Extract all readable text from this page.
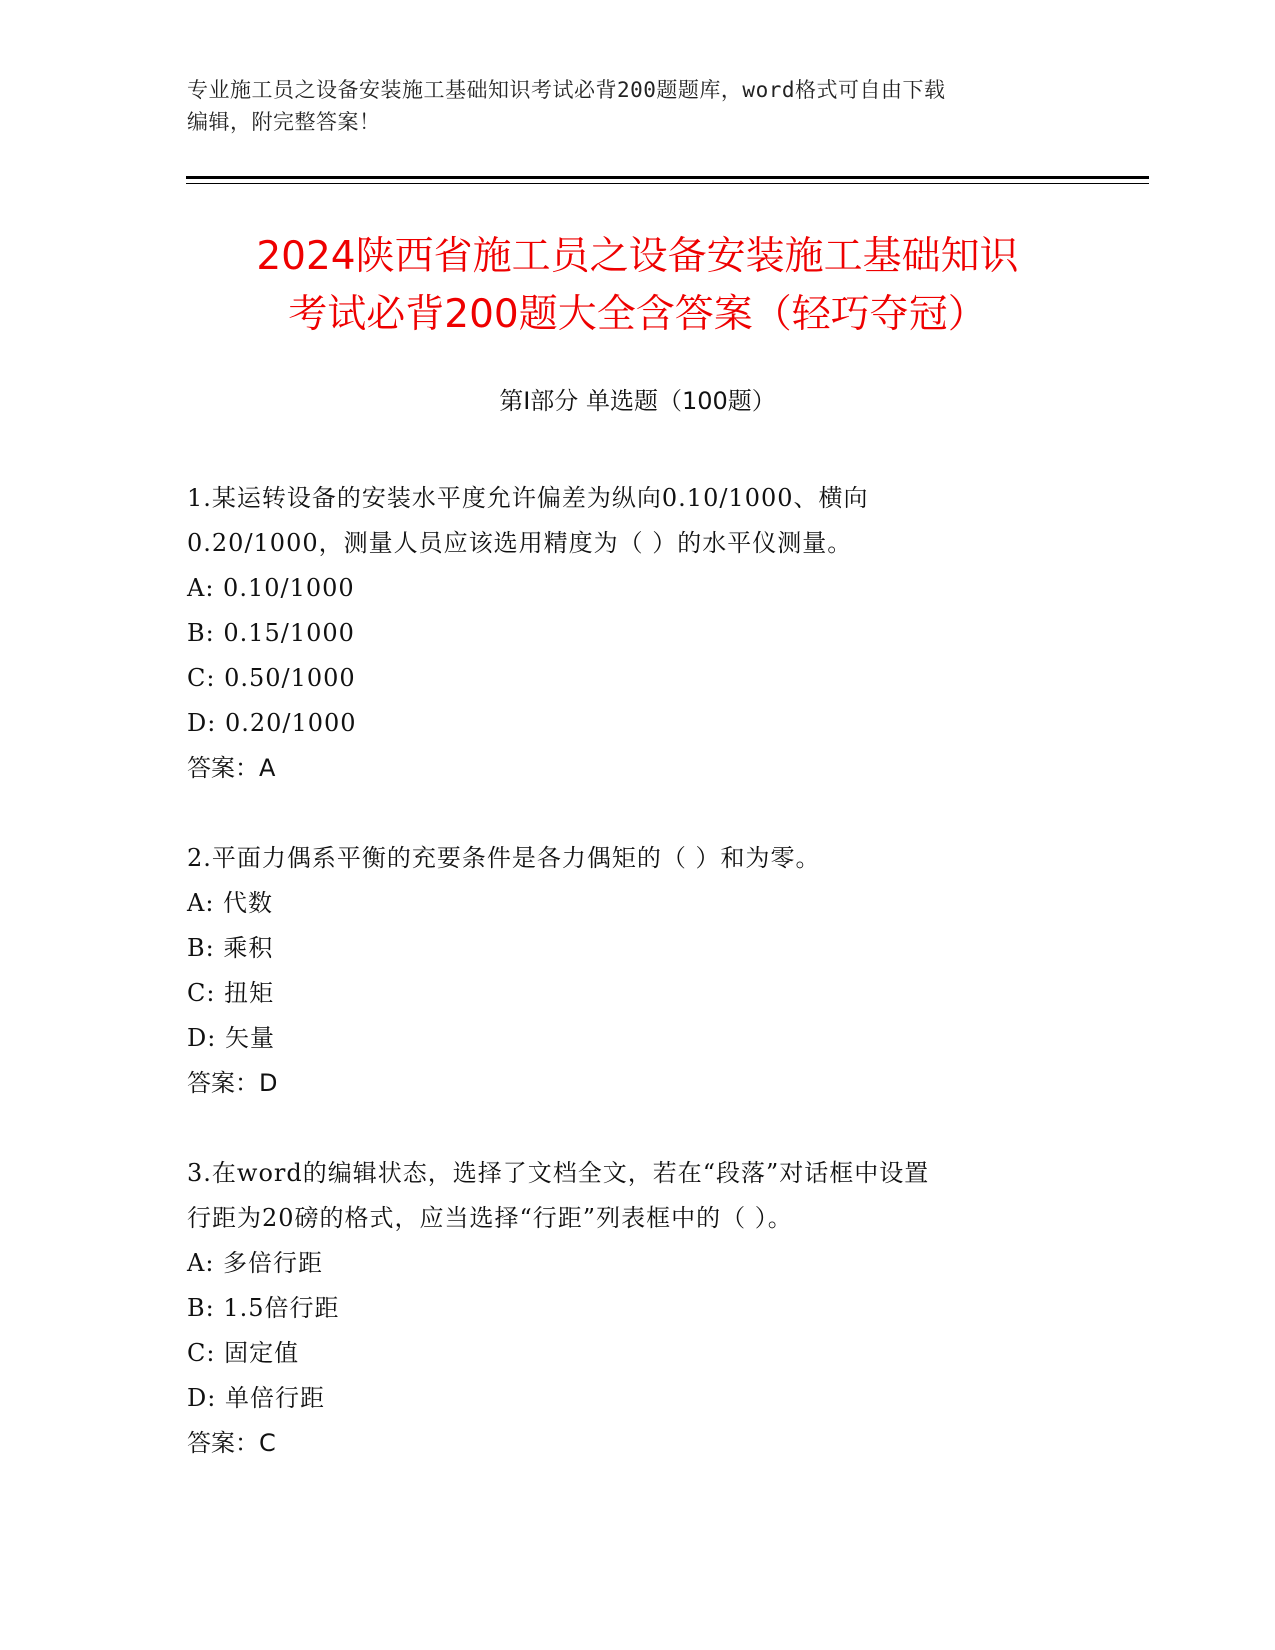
专业施工员之设备安装施工基础知识考试必背200题题库，word格式可自由下载
编辑，附完整答案！
2024陕西省施工员之设备安装施工基础知识
考试必背200题大全含答案（轻巧夺冠）
第Ⅰ部分 单选题（100题）
1.某运转设备的安装水平度允许偏差为纵向0.10/1000、横向
0.20/1000，测量人员应该选用精度为（ ）的水平仪测量。
A: 0.10/1000
B: 0.15/1000
C: 0.50/1000
D: 0.20/1000
答案：A
2.平面力偶系平衡的充要条件是各力偶矩的（ ）和为零。
A: 代数
B: 乘积
C: 扭矩
D: 矢量
答案：D
3.在word的编辑状态，选择了文档全文，若在“段落”对话框中设置
行距为20磅的格式，应当选择“行距”列表框中的（ ）。
A: 多倍行距
B: 1.5倍行距
C: 固定值
D: 单倍行距
答案：C
